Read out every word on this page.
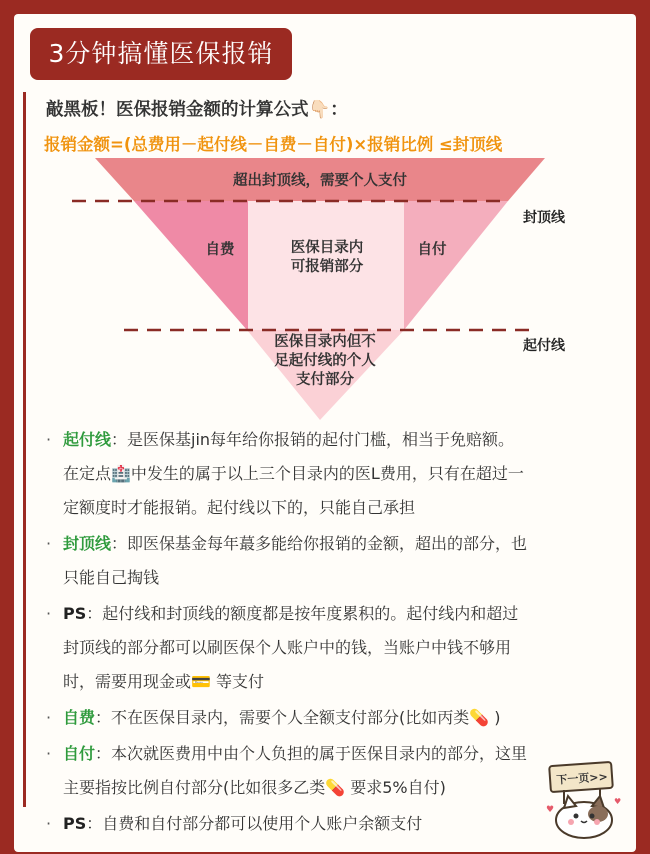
3分钟搞懂医保报销
敲黑板！医保报销金额的计算公式👇🏻：
报销金额=(总费用－起付线－自费－自付)×报销比例 ≤封顶线
超出封顶线，需要个人支付
自费	医保目录内
可报销部分
自付
医保目录内但不
足起付线的个人
支付部分
封顶线
起付线
· 起付线：是医保基jin每年给你报销的起付门槛，相当于免赔额。
在定点🏥中发生的属于以上三个目录内的医L费用，只有在超过一
定额度时才能报销。起付线以下的，只能自己承担
· 封顶线：即医保基金每年蕞多能给你报销的金额，超出的部分，也
只能自己掏钱
· PS：起付线和封顶线的额度都是按年度累积的。起付线内和超过
封顶线的部分都可以刷医保个人账户中的钱，当账户中钱不够用
时，需要用现金或💳 等支付
· 自费：不在医保目录内，需要个人全额支付部分(比如丙类💊 )
· 自付：本次就医费用中由个人负担的属于医保目录内的部分，这里
主要指按比例自付部分(比如很多乙类💊 要求5%自付)
· PS：自费和自付部分都可以使用个人账户余额支付
♥
♥
下一页>>
